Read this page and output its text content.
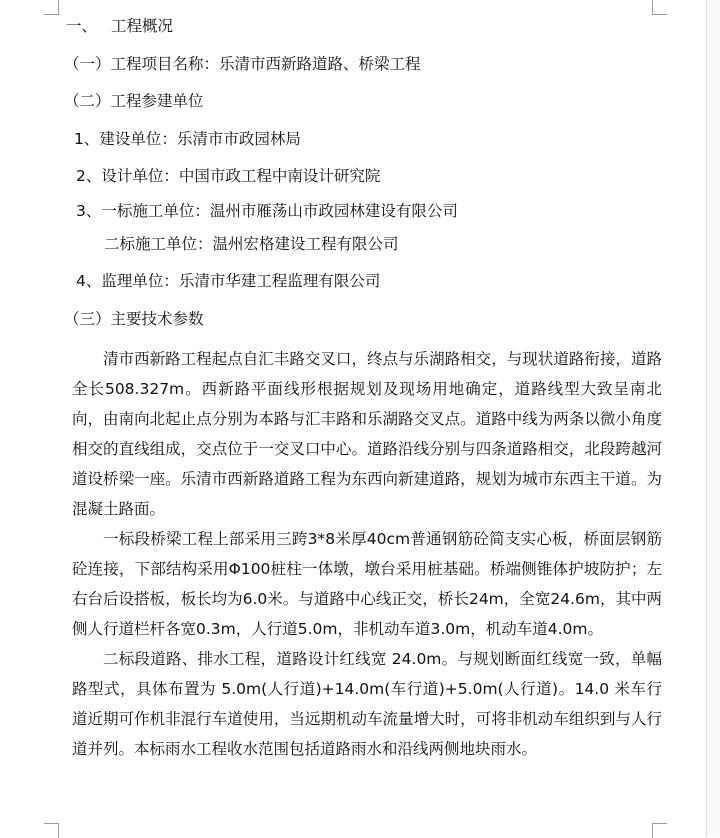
一、 工程概况
（一）工程项目名称：乐清市西新路道路、桥梁工程
（二）工程参建单位
1、建设单位：乐清市市政园林局
2、设计单位：中国市政工程中南设计研究院
3、一标施工单位：温州市雁荡山市政园林建设有限公司
二标施工单位：温州宏格建设工程有限公司
4、监理单位：乐清市华建工程监理有限公司
（三）主要技术参数

清市西新路工程起点自汇丰路交叉口，终点与乐湖路相交，与现状道路衔接，道路全长508.327m。西新路平面线形根据规划及现场用地确定，道路线型大致呈南北向，由南向北起止点分别为本路与汇丰路和乐湖路交叉点。道路中线为两条以微小角度相交的直线组成，交点位于一交叉口中心。道路沿线分别与四条道路相交，北段跨越河道设桥梁一座。乐清市西新路道路工程为东西向新建道路，规划为城市东西主干道。为混凝土路面。

一标段桥梁工程上部采用三跨3*8米厚40cm普通钢筋砼简支实心板，桥面层钢筋砼连接，下部结构采用Φ100桩柱一体墩，墩台采用桩基础。桥端侧锥体护坡防护；左右台后设搭板，板长均为6.0米。与道路中心线正交，桥长24m，全宽24.6m，其中两侧人行道栏杆各宽0.3m，人行道5.0m，非机动车道3.0m，机动车道4.0m。

二标段道路、排水工程，道路设计红线宽 24.0m。与规划断面红线宽一致，单幅路型式，具体布置为 5.0m(人行道)+14.0m(车行道)+5.0m(人行道)。14.0 米车行道近期可作机非混行车道使用，当远期机动车流量增大时，可将非机动车组织到与人行道并列。本标雨水工程收水范围包括道路雨水和沿线两侧地块雨水。
